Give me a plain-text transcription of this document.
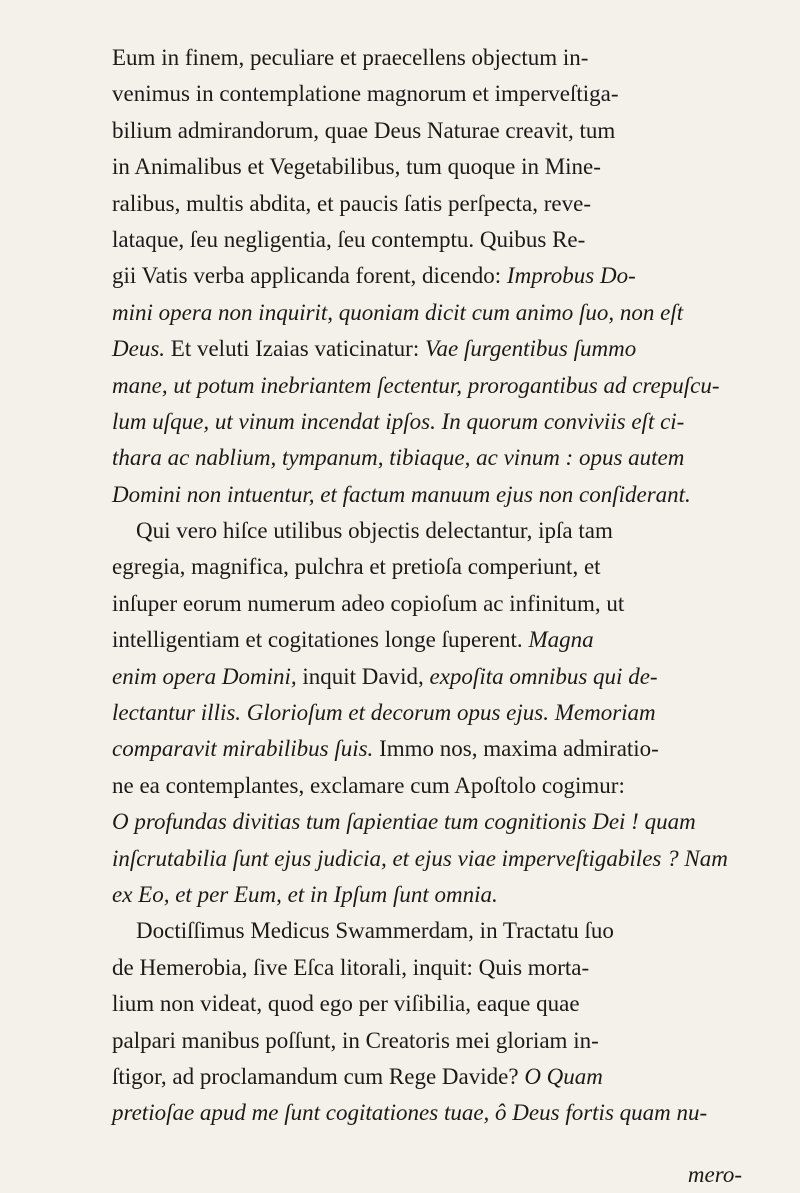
Eum in finem, peculiare et praecellens objectum in-
venimus in contemplatione magnorum et imperveſtiga-
bilium admirandorum, quae Deus Naturae creavit, tum
in Animalibus et Vegetabilibus, tum quoque in Mine-
ralibus, multis abdita, et paucis ſatis perſpecta, reve-
lataque, ſeu negligentia, ſeu contemptu. Quibus Re-
gii Vatis verba applicanda forent, dicendo: Improbus Do-
mini opera non inquirit, quoniam dicit cum animo ſuo, non eſt
Deus. Et veluti Izaias vaticinatur: Vae ſurgentibus ſummo
mane, ut potum inebriantem ſectentur, prorogantibus ad crepuſcu-
lum uſque, ut vinum incendat ipſos. In quorum conviviis eſt ci-
thara ac nablium, tympanum, tibiaque, ac vinum : opus autem
Domini non intuentur, et factum manuum ejus non conſiderant.
Qui vero hiſce utilibus objectis delectantur, ipſa tam
egregia, magnifica, pulchra et pretioſa comperiunt, et
inſuper eorum numerum adeo copioſum ac infinitum, ut
intelligentiam et cogitationes longe ſuperent. Magna
enim opera Domini, inquit David, expoſita omnibus qui de-
lectantur illis. Glorioſum et decorum opus ejus. Memoriam
comparavit mirabilibus ſuis. Immo nos, maxima admiratio-
ne ea contemplantes, exclamare cum Apoſtolo cogimur:
O profundas divitias tum ſapientiae tum cognitionis Dei ! quam
inſcrutabilia ſunt ejus judicia, et ejus viae imperveſtigabiles ? Nam
ex Eo, et per Eum, et in Ipſum ſunt omnia.
Doctiſſimus Medicus Swammerdam, in Tractatu ſuo
de Hemerobia, ſive Eſca litorali, inquit: Quis morta-
lium non videat, quod ego per viſibilia, eaque quae
palpari manibus poſſunt, in Creatoris mei gloriam in-
ſtigor, ad proclamandum cum Rege Davide? O Quam
pretioſae apud me ſunt cogitationes tuae, ô Deus fortis quam nu-
mero-
